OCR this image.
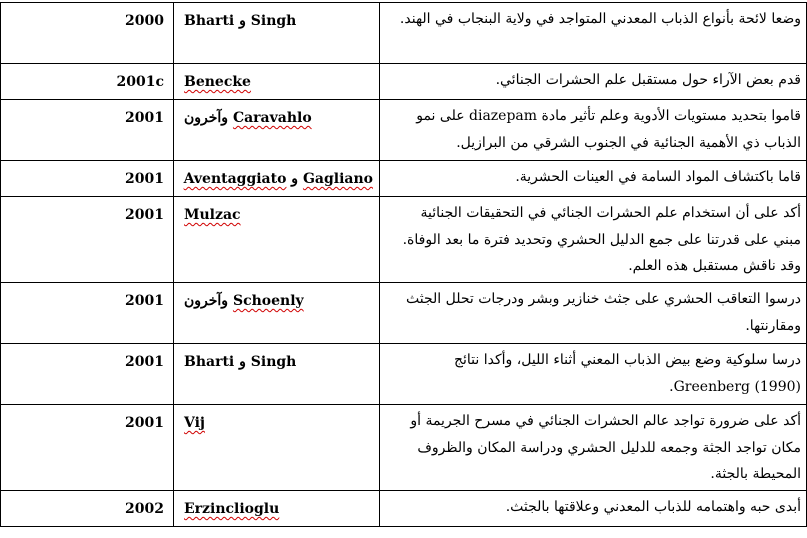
وضعا لائحة بأنواع الذباب المعدني المتواجد في ولاية البنجاب في الهند.	Singh و Bharti	2000
قدم بعض الآراء حول مستقبل علم الحشرات الجنائي.	Benecke	2001c
قاموا بتحديد مستويات الأدوية وعلم تأثير مادة diazepam على نمو الذباب ذي الأهمية الجنائية في الجنوب الشرقي من البرازيل.	Caravahlo وآخرون	2001
قاما باكتشاف المواد السامة في العينات الحشرية.	Gagliano و Aventaggiato	2001
أكد على أن استخدام علم الحشرات الجنائي في التحقيقات الجنائية مبني على قدرتنا على جمع الدليل الحشري وتحديد فترة ما بعد الوفاة. وقد ناقش مستقبل هذه العلم.	Mulzac	2001
درسوا التعاقب الحشري على جثث خنازير وبشر ودرجات تحلل الجثث ومقارنتها.	Schoenly وآخرون	2001
درسا سلوكية وضع بيض الذباب المعني أثناء الليل، وأكدا نتائج Greenberg (1990).	Singh و Bharti	2001
أكد على ضرورة تواجد عالم الحشرات الجنائي في مسرح الجريمة أو مكان تواجد الجثة وجمعه للدليل الحشري ودراسة المكان والظروف المحيطة بالجثة.	Vij	2001
أبدى حبه واهتمامه للذباب المعدني وعلاقتها بالجثث.	Erzinclioglu	2002
